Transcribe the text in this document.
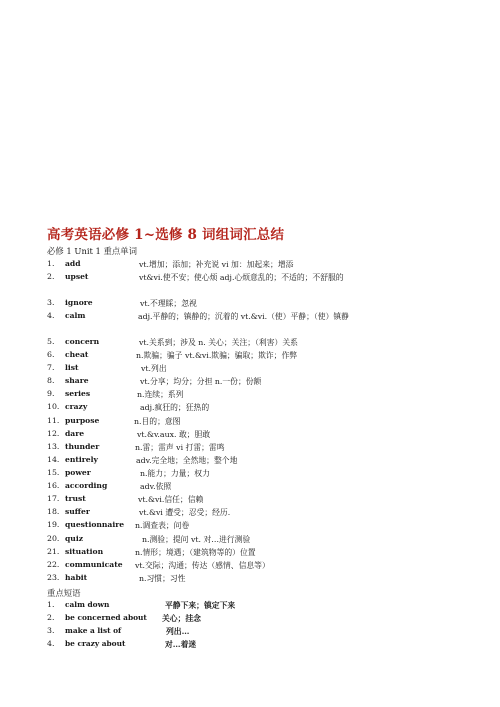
高考英语必修 1~选修 8 词组词汇总结
必修 1 Unit 1 重点单词
1. add	vt.增加；添加；补充说 vi 加：加起来；增添
2. upset	vt&vi.使不安；使心烦 adj.心烦意乱的；不适的；不舒服的
3. ignore	vt.不理睬；忽视
4. calm	adj.平静的；镇静的；沉着的 vt.&vi.（使）平静；（使）镇静
5. concern	vt.关系到；涉及 n. 关心；关注；（利害）关系
6. cheat	n.欺骗；骗子 vt.&vi.欺骗；骗取；欺诈；作弊
7. list	vt.列出
8. share	vt.分享；均分；分担 n.一份；份额
9. series	n.连续；系列
10. crazy	adj.疯狂的；狂热的
11. purpose	n.目的；意图
12. dare	vt.&v.aux. 敢；胆敢
13. thunder	n.雷；雷声 vi 打雷；雷鸣
14. entirely	adv.完全地；全然地；整个地
15. power	n.能力；力量；权力
16. according	adv.依照
17. trust	vt.&vi.信任；信赖
18. suffer	vt.&vi 遭受；忍受；经历.
19. questionnaire n.调查表；问卷
20. quiz	n.测验；提问 vt. 对…进行测验
21. situation	n.情形；境遇；（建筑物等的）位置
22. communicate vt.交际；沟通；传达（感情、信息等）
23. habit	n.习惯；习性
重点短语
1. calm down	平静下来；镇定下来
2. be concerned about 关心；挂念
3. make a list of	列出…
4. be crazy about	对…着迷
